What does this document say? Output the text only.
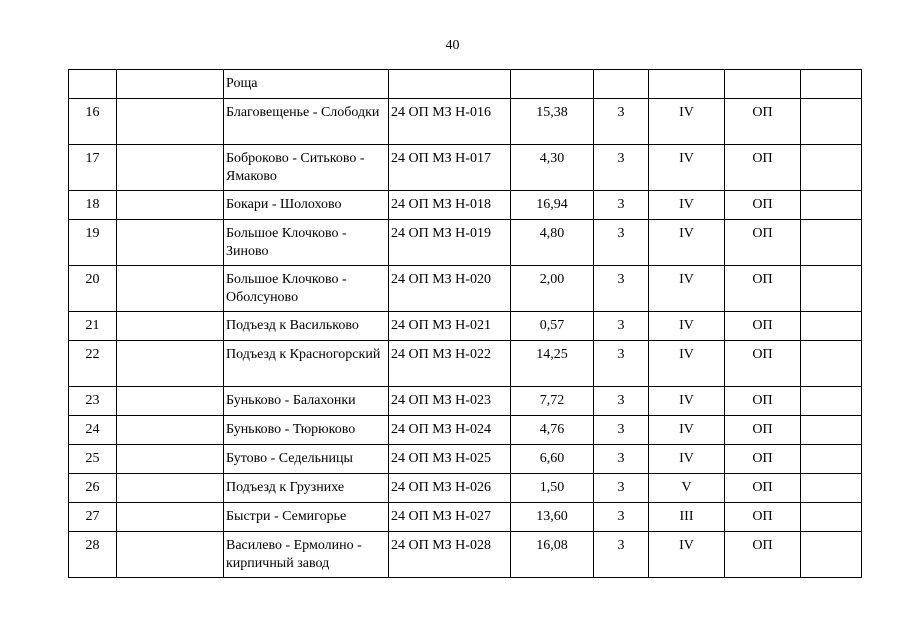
40
		Роща						
16		Благовещенье - Слободки	24 ОП МЗ Н-016	15,38	3	IV	ОП	
17		Боброково - Ситьково - Ямаково	24 ОП МЗ Н-017	4,30	3	IV	ОП	
18		Бокари - Шолохово	24 ОП МЗ Н-018	16,94	3	IV	ОП	
19		Большое Клочково - Зиново	24 ОП МЗ Н-019	4,80	3	IV	ОП	
20		Большое Клочково - Оболсуново	24 ОП МЗ Н-020	2,00	3	IV	ОП	
21		Подъезд к Васильково	24 ОП МЗ Н-021	0,57	3	IV	ОП	
22		Подъезд к Красногорский	24 ОП МЗ Н-022	14,25	3	IV	ОП	
23		Бунько​во - Балахонки	24 ОП МЗ Н-023	7,72	3	IV	ОП	
24		Бунько​во - Тюрюково	24 ОП МЗ Н-024	4,76	3	IV	ОП	
25		Бутово - Седельницы	24 ОП МЗ Н-025	6,60	3	IV	ОП	
26		Подъезд к Грузнихе	24 ОП МЗ Н-026	1,50	3	V	ОП	
27		Быстри - Семигорье	24 ОП МЗ Н-027	13,60	3	III	ОП	
28		Василево - Ермолино - кирпичный завод	24 ОП МЗ Н-028	16,08	3	IV	ОП	
